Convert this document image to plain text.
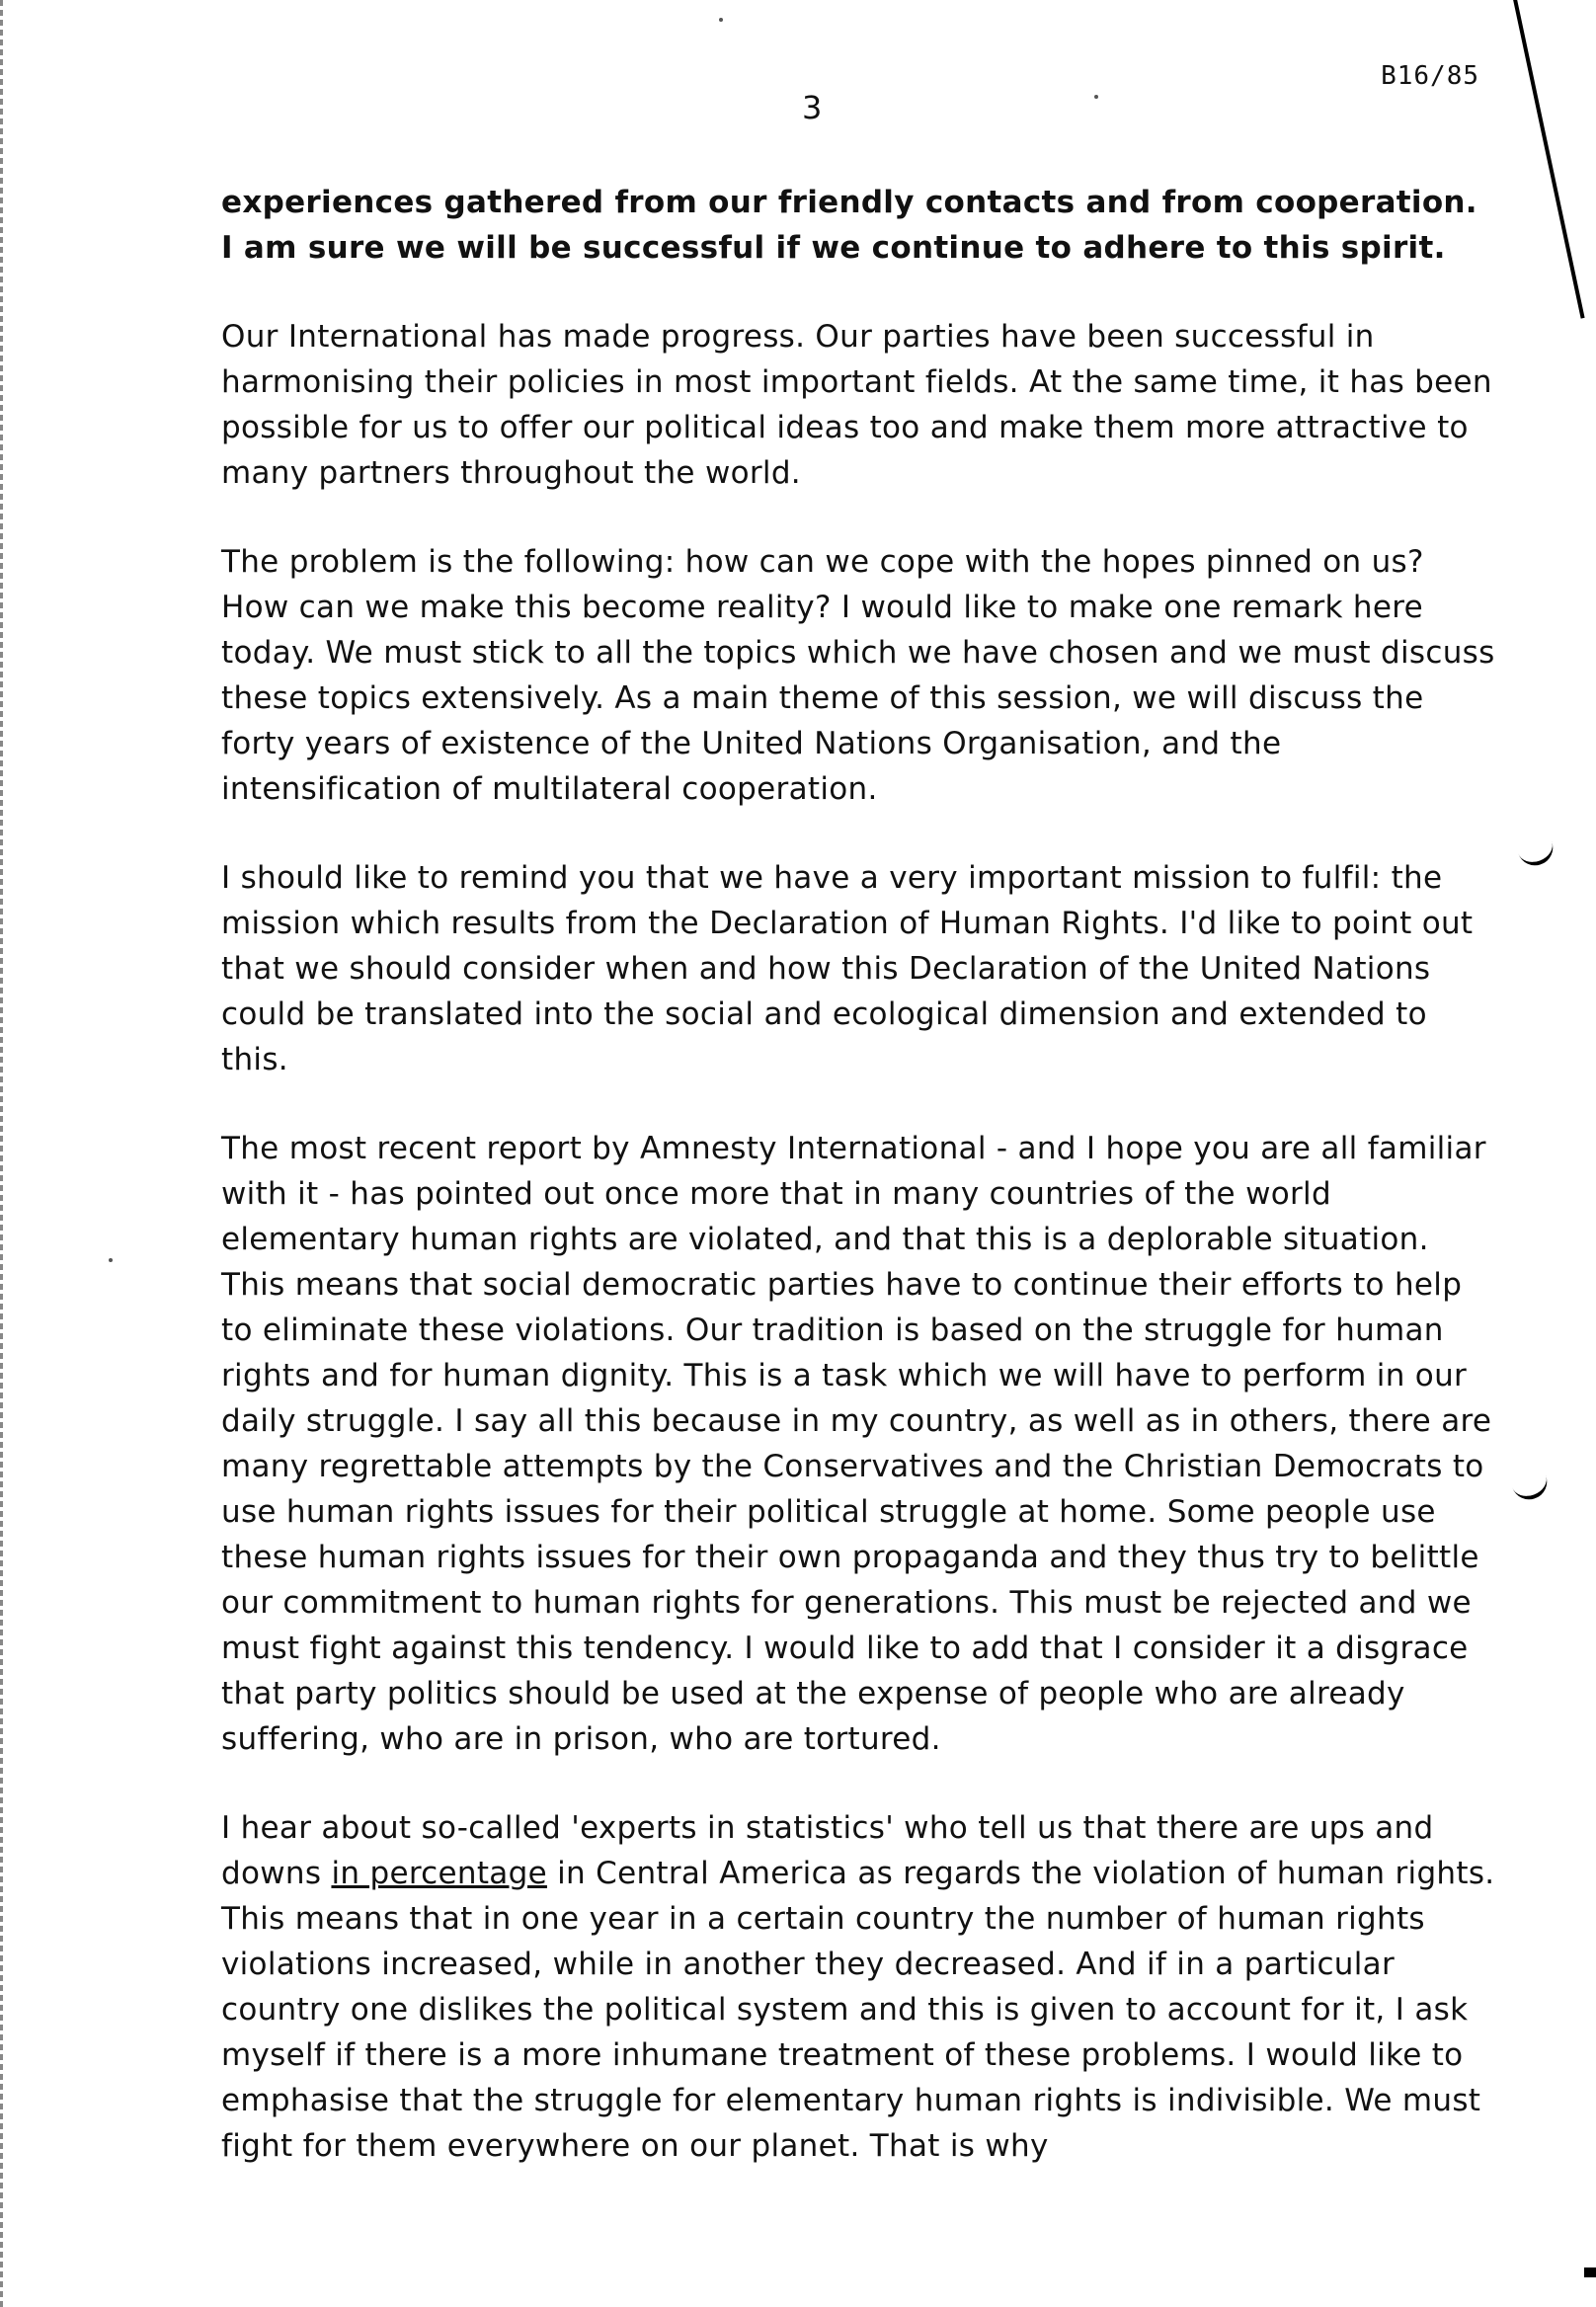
B16/85
3

experiences gathered from our friendly contacts and from cooperation. I am sure we will be successful if we continue to adhere to this spirit.

Our International has made progress. Our parties have been successful in harmonising their policies in most important fields. At the same time, it has been possible for us to offer our political ideas too and make them more attractive to many partners throughout the world.

The problem is the following: how can we cope with the hopes pinned on us? How can we make this become reality? I would like to make one remark here today. We must stick to all the topics which we have chosen and we must discuss these topics extensively. As a main theme of this session, we will discuss the forty years of existence of the United Nations Organisation, and the intensification of multilateral cooperation.

I should like to remind you that we have a very important mission to fulfil: the mission which results from the Declaration of Human Rights. I'd like to point out that we should consider when and how this Declaration of the United Nations could be translated into the social and ecological dimension and extended to this.

The most recent report by Amnesty International - and I hope you are all familiar with it - has pointed out once more that in many countries of the world elementary human rights are violated, and that this is a deplorable situation. This means that social democratic parties have to continue their efforts to help to eliminate these violations. Our tradition is based on the struggle for human rights and for human dignity. This is a task which we will have to perform in our daily struggle. I say all this because in my country, as well as in others, there are many regrettable attempts by the Conservatives and the Christian Democrats to use human rights issues for their political struggle at home. Some people use these human rights issues for their own propaganda and they thus try to belittle our commitment to human rights for generations. This must be rejected and we must fight against this tendency. I would like to add that I consider it a disgrace that party politics should be used at the expense of people who are already suffering, who are in prison, who are tortured.

I hear about so-called 'experts in statistics' who tell us that there are ups and downs in percentage in Central America as regards the violation of human rights. This means that in one year in a certain country the number of human rights violations increased, while in another they decreased. And if in a particular country one dislikes the political system and this is given to account for it, I ask myself if there is a more inhumane treatment of these problems. I would like to emphasise that the struggle for elementary human rights is indivisible. We must fight for them everywhere on our planet. That is why
